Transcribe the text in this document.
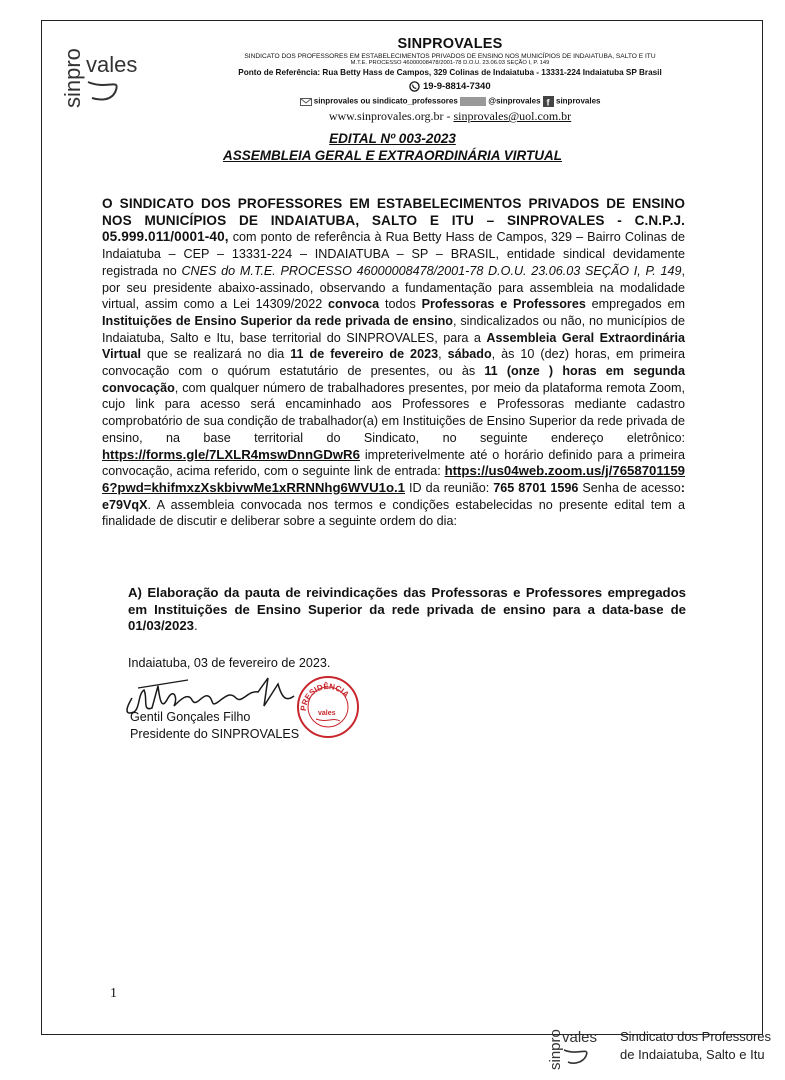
sinpro vales
SINPROVALES
SINDICATO DOS PROFESSORES EM ESTABELECIMENTOS PRIVADOS DE ENSINO NOS MUNICÍPIOS DE INDAIATUBA, SALTO E ITU
M.T.E. PROCESSO 46000008478/2001-78 D.O.U. 23.06.03 SEÇÃO I, P. 149
Ponto de Referência: Rua Betty Hass de Campos, 329 Colinas de Indaiatuba - 13331-224 Indaiatuba SP Brasil
19-9-8814-7340
sinprovales ou sindicato_professores	@sinprovales f sinprovales
www.sinprovales.org.br - sinprovales@uol.com.br
EDITAL Nº 003-2023
ASSEMBLEIA GERAL E EXTRAORDINÁRIA VIRTUAL

O SINDICATO DOS PROFESSORES EM ESTABELECIMENTOS PRIVADOS DE ENSINO NOS MUNICÍPIOS DE INDAIATUBA, SALTO E ITU – SINPROVALES - C.N.P.J. 05.999.011/0001-40, com ponto de referência à Rua Betty Hass de Campos, 329 – Bairro Colinas de Indaiatuba – CEP – 13331-224 – INDAIATUBA – SP – BRASIL, entidade sindical devidamente registrada no CNES do M.T.E. PROCESSO 46000008478/2001-78 D.O.U. 23.06.03 SEÇÃO I, P. 149, por seu presidente abaixo-assinado, observando a fundamentação para assembleia na modalidade virtual, assim como a Lei 14309/2022 convoca todos Professoras e Professores empregados em Instituições de Ensino Superior da rede privada de ensino, sindicalizados ou não, no municípios de Indaiatuba, Salto e Itu, base territorial do SINPROVALES, para a Assembleia Geral Extraordinária Virtual que se realizará no dia 11 de fevereiro de 2023, sábado, às 10 (dez) horas, em primeira convocação com o quórum estatutário de presentes, ou às 11 (onze ) horas em segunda convocação, com qualquer número de trabalhadores presentes, por meio da plataforma remota Zoom, cujo link para acesso será encaminhado aos Professores e Professoras mediante cadastro comprobatório de sua condição de trabalhador(a) em Instituições de Ensino Superior da rede privada de ensino, na base territorial do Sindicato, no seguinte endereço eletrônico: https://forms.gle/7LXLR4mswDnnGDwR6 impreterivelmente até o horário definido para a primeira convocação, acima referido, com o seguinte link de entrada: https://us04web.zoom.us/j/76587011596?pwd=khifmxzXskbivwMe1xRRNNhg6WVU1o.1 ID da reunião: 765 8701 1596 Senha de acesso: e79VqX. A assembleia convocada nos termos e condições estabelecidas no presente edital tem a finalidade de discutir e deliberar sobre a seguinte ordem do dia:

A) Elaboração da pauta de reivindicações das Professoras e Professores empregados em Instituições de Ensino Superior da rede privada de ensino para a data-base de 01/03/2023.
Indaiatuba, 03 de fevereiro de 2023.
PRESIDÊNCIA
vales
Gentil Gonçales Filho
Presidente do SINPROVALES
1
sinpro
vales Sindicato dos Professores
de Indaiatuba, Salto e Itu
